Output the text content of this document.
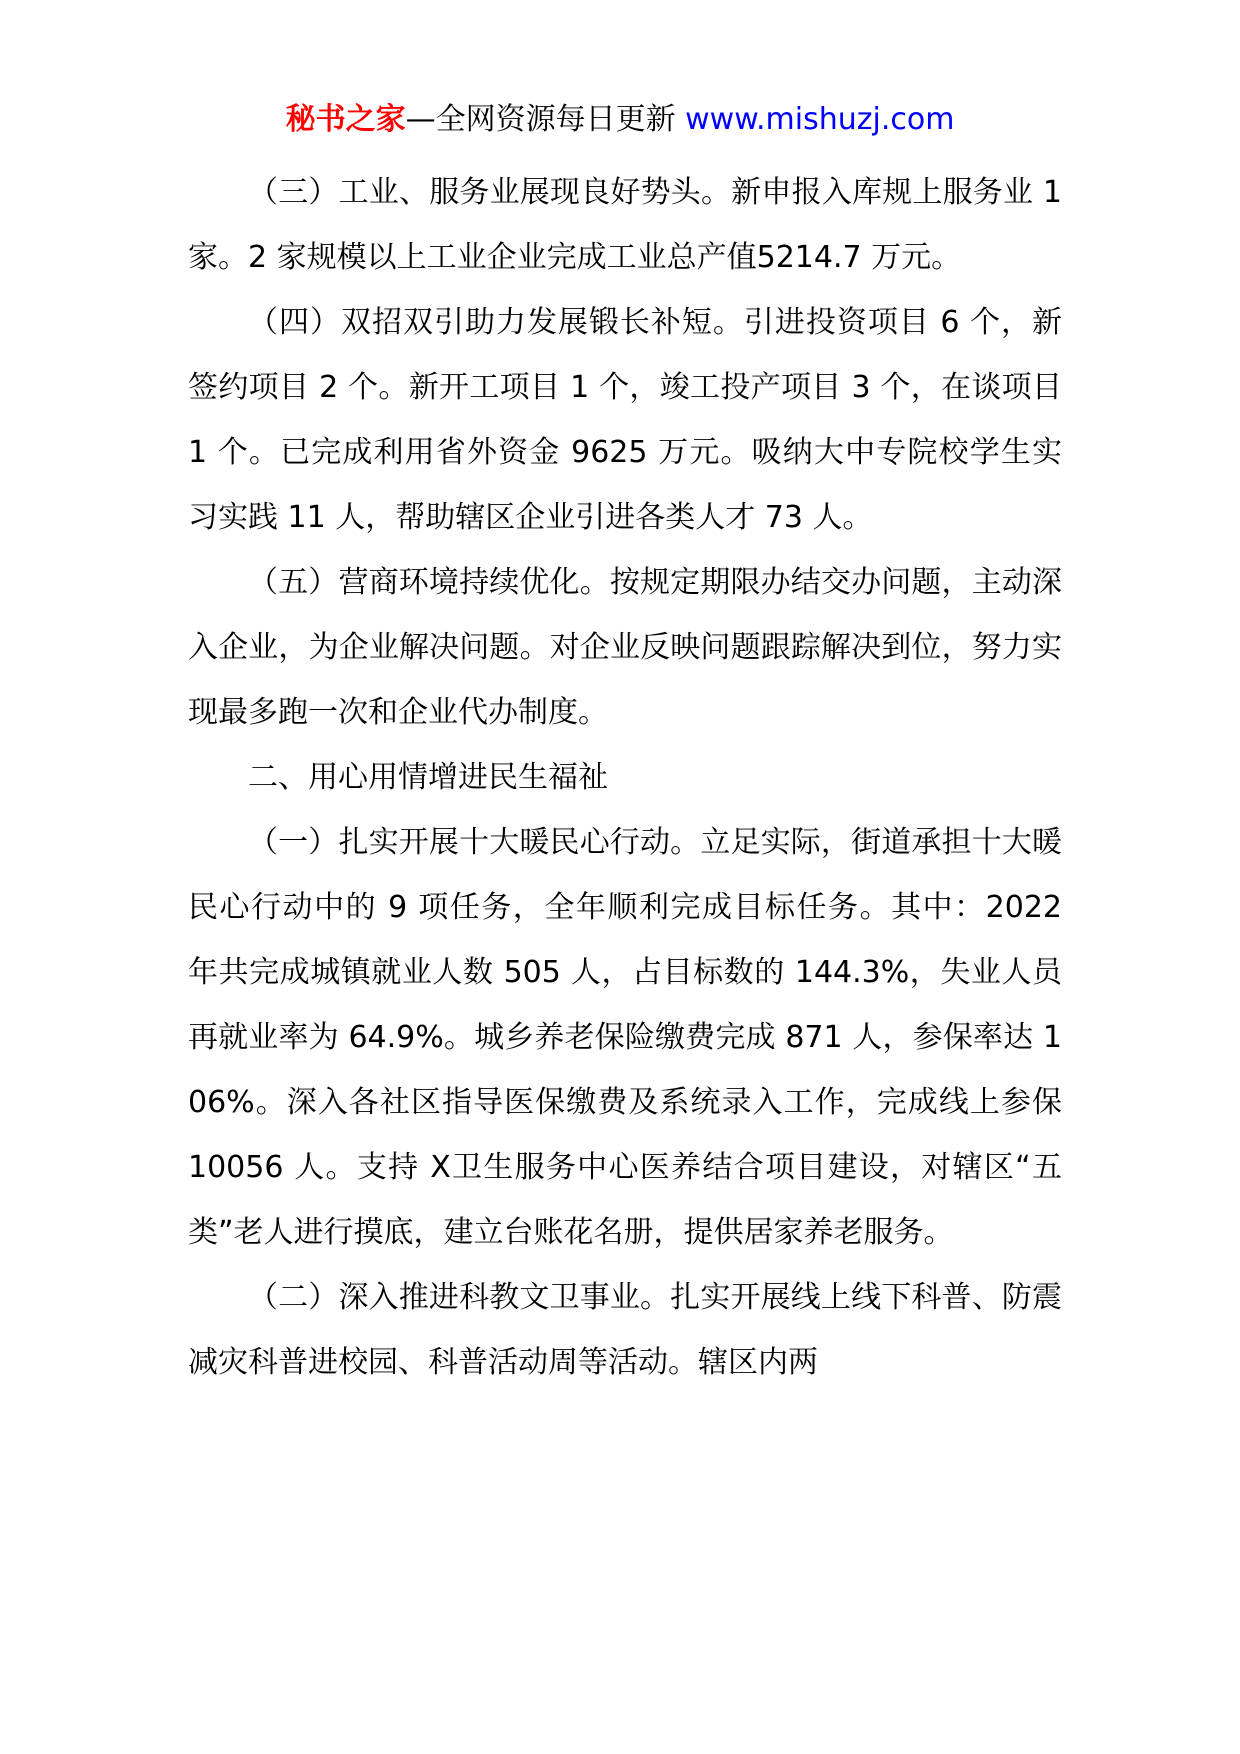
秘书之家—全网资源每日更新 www.mishuzj.com

（三）工业、服务业展现良好势头。新申报入库规上服务业 1 家。2 家规模以上工业企业完成工业总产值5214.7 万元。

（四）双招双引助力发展锻长补短。引进投资项目 6 个，新签约项目 2 个。新开工项目 1 个，竣工投产项目 3 个，在谈项目 1 个。已完成利用省外资金 9625 万元。吸纳大中专院校学生实习实践 11 人，帮助辖区企业引进各类人才 73 人。

（五）营商环境持续优化。按规定期限办结交办问题，主动深入企业，为企业解决问题。对企业反映问题跟踪解决到位，努力实现最多跑一次和企业代办制度。

二、用心用情增进民生福祉

（一）扎实开展十大暖民心行动。立足实际，街道承担十大暖民心行动中的 9 项任务，全年顺利完成目标任务。其中：2022 年共完成城镇就业人数 505 人，占目标数的 144.3%，失业人员再就业率为 64.9%。城乡养老保险缴费完成 871 人，参保率达 106%。深入各社区指导医保缴费及系统录入工作，完成线上参保 10056 人。支持 X卫生服务中心医养结合项目建设，对辖区“五类”老人进行摸底，建立台账花名册，提供居家养老服务。

（二）深入推进科教文卫事业。扎实开展线上线下科普、防震减灾科普进校园、科普活动周等活动。辖区内两
